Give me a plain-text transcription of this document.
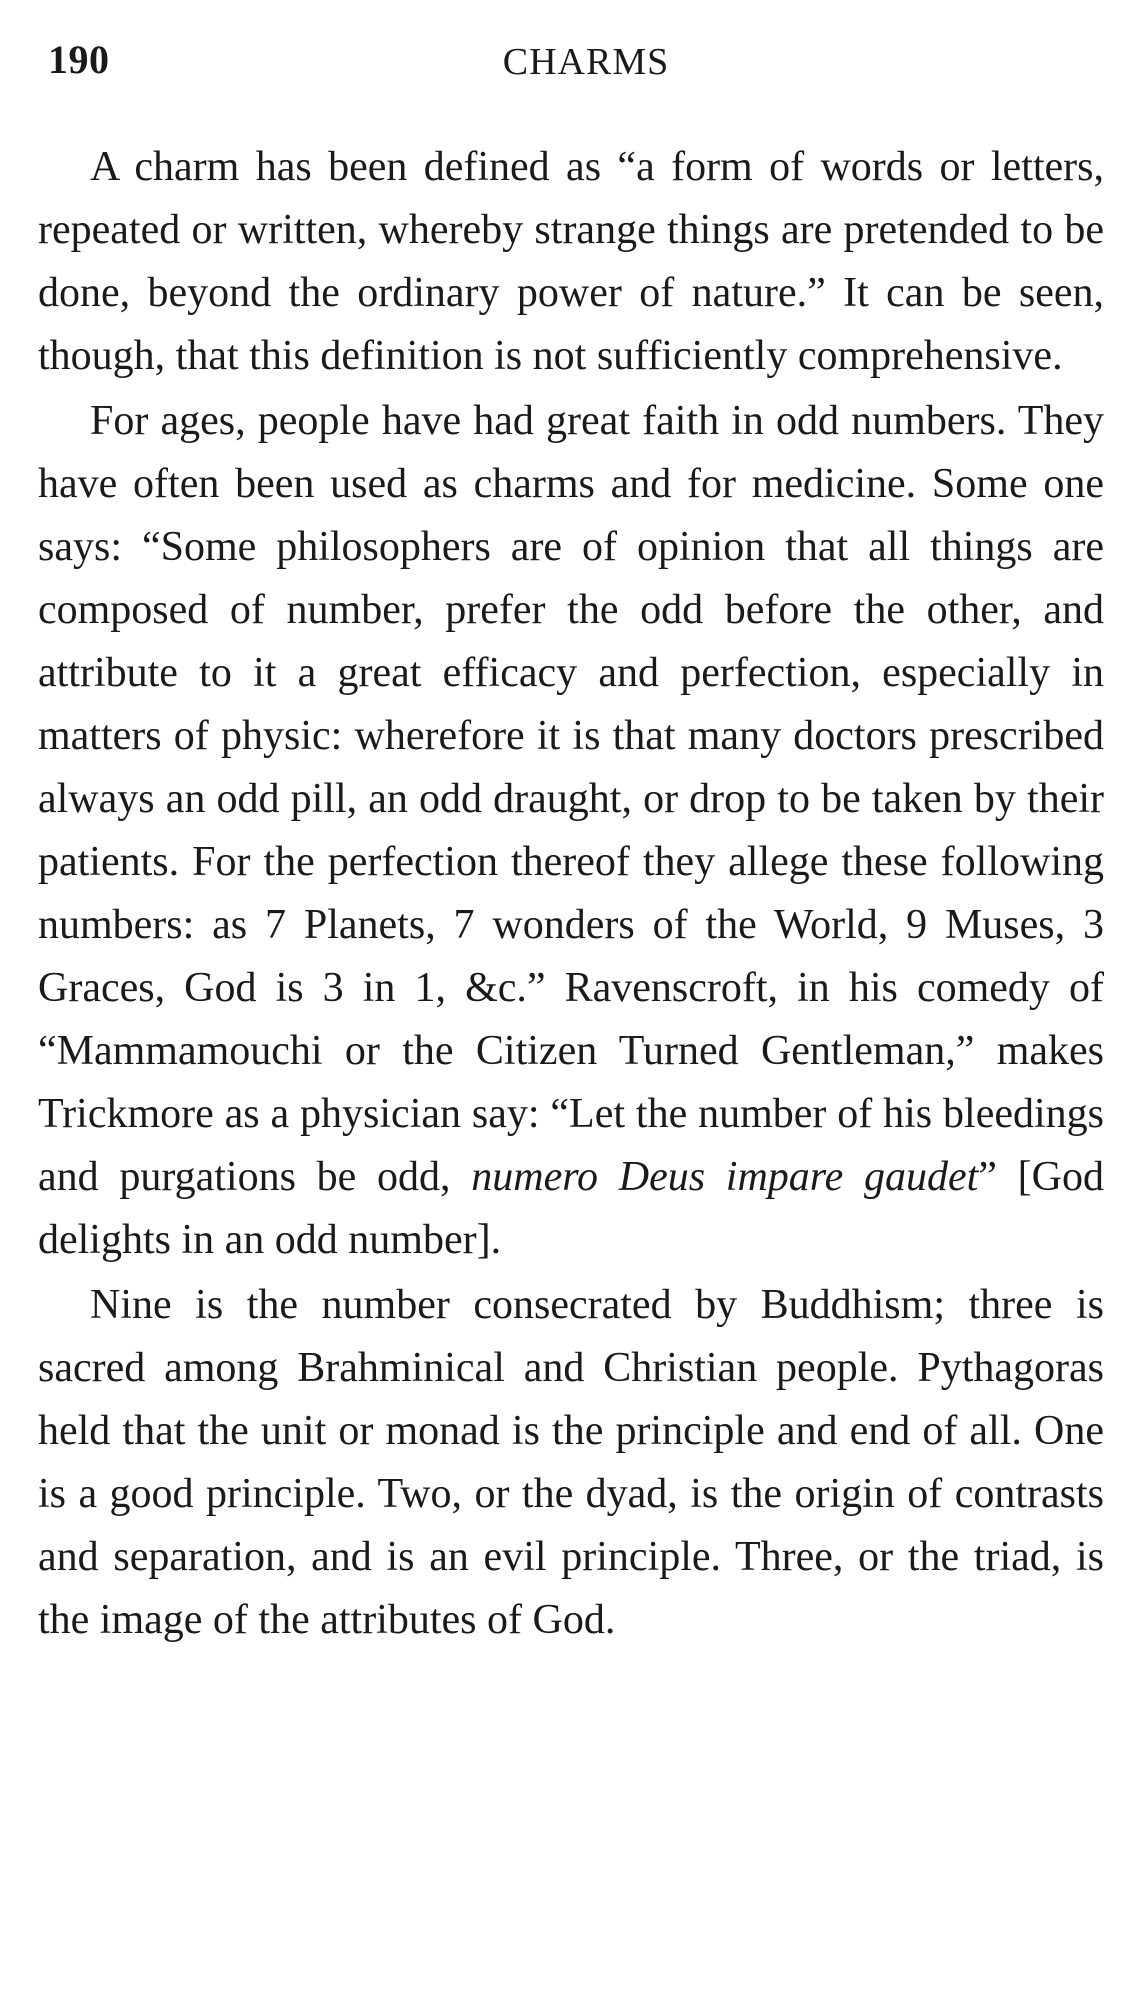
190	CHARMS

A charm has been defined as “a form of words or letters, repeated or written, whereby strange things are pretended to be done, beyond the ordinary power of nature.” It can be seen, though, that this definition is not sufficiently comprehensive.

For ages, people have had great faith in odd numbers. They have often been used as charms and for medicine. Some one says: “Some philosophers are of opinion that all things are composed of number, prefer the odd before the other, and attribute to it a great efficacy and perfection, especially in matters of physic: wherefore it is that many doctors prescribed always an odd pill, an odd draught, or drop to be taken by their patients. For the perfection thereof they allege these following numbers: as 7 Planets, 7 wonders of the World, 9 Muses, 3 Graces, God is 3 in 1, &c.” Ravenscroft, in his comedy of “Mammamouchi or the Citizen Turned Gentleman,” makes Trickmore as a physician say: “Let the number of his bleedings and purgations be odd, numero Deus impare gaudet” [God delights in an odd number].

Nine is the number consecrated by Buddhism; three is sacred among Brahminical and Christian people. Pythagoras held that the unit or monad is the principle and end of all. One is a good principle. Two, or the dyad, is the origin of contrasts and separation, and is an evil principle. Three, or the triad, is the image of the attributes of God.
